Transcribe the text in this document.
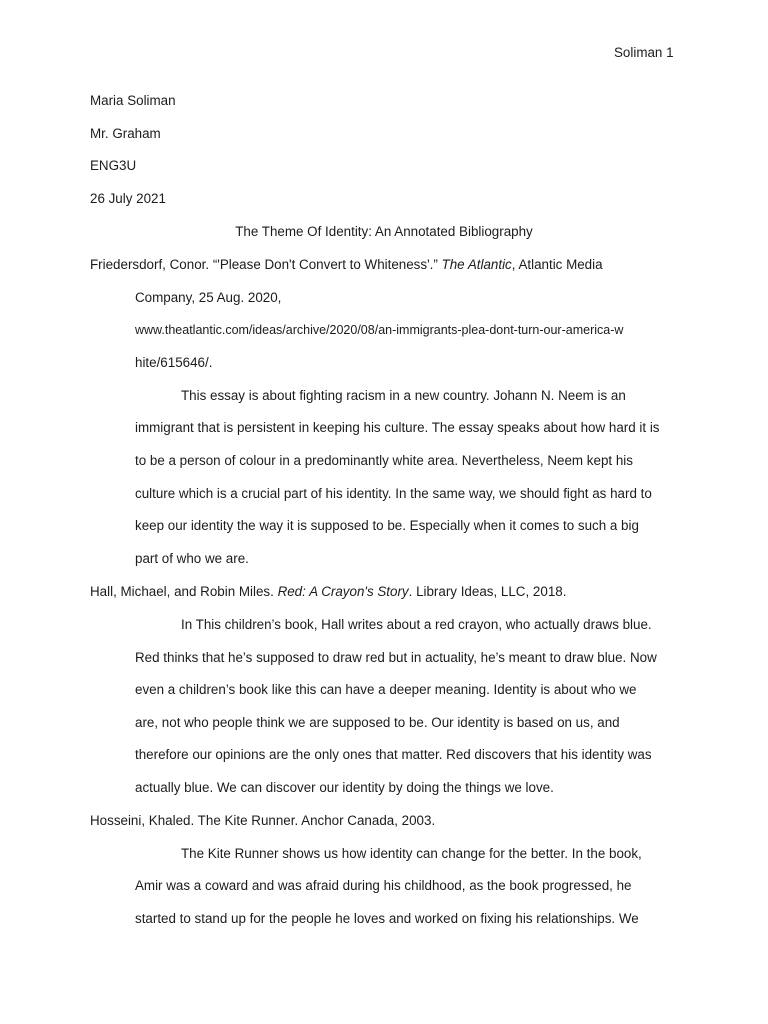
Soliman 1
Maria Soliman
Mr. Graham
ENG3U
26 July 2021
The Theme Of Identity: An Annotated Bibliography
Friedersdorf, Conor. “'Please Don't Convert to Whiteness'.” The Atlantic, Atlantic Media
Company, 25 Aug. 2020,
www.theatlantic.com/ideas/archive/2020/08/an-immigrants-plea-dont-turn-our-america-w
hite/615646/.
This essay is about fighting racism in a new country. Johann N. Neem is an
immigrant that is persistent in keeping his culture. The essay speaks about how hard it is
to be a person of colour in a predominantly white area. Nevertheless, Neem kept his
culture which is a crucial part of his identity. In the same way, we should fight as hard to
keep our identity the way it is supposed to be. Especially when it comes to such a big
part of who we are.
Hall, Michael, and Robin Miles. Red: A Crayon's Story. Library Ideas, LLC, 2018.
In This children’s book, Hall writes about a red crayon, who actually draws blue.
Red thinks that he’s supposed to draw red but in actuality, he’s meant to draw blue. Now
even a children’s book like this can have a deeper meaning. Identity is about who we
are, not who people think we are supposed to be. Our identity is based on us, and
therefore our opinions are the only ones that matter. Red discovers that his identity was
actually blue. We can discover our identity by doing the things we love.
Hosseini, Khaled. The Kite Runner. Anchor Canada, 2003.
The Kite Runner shows us how identity can change for the better. In the book,
Amir was a coward and was afraid during his childhood, as the book progressed, he
started to stand up for the people he loves and worked on fixing his relationships. We
